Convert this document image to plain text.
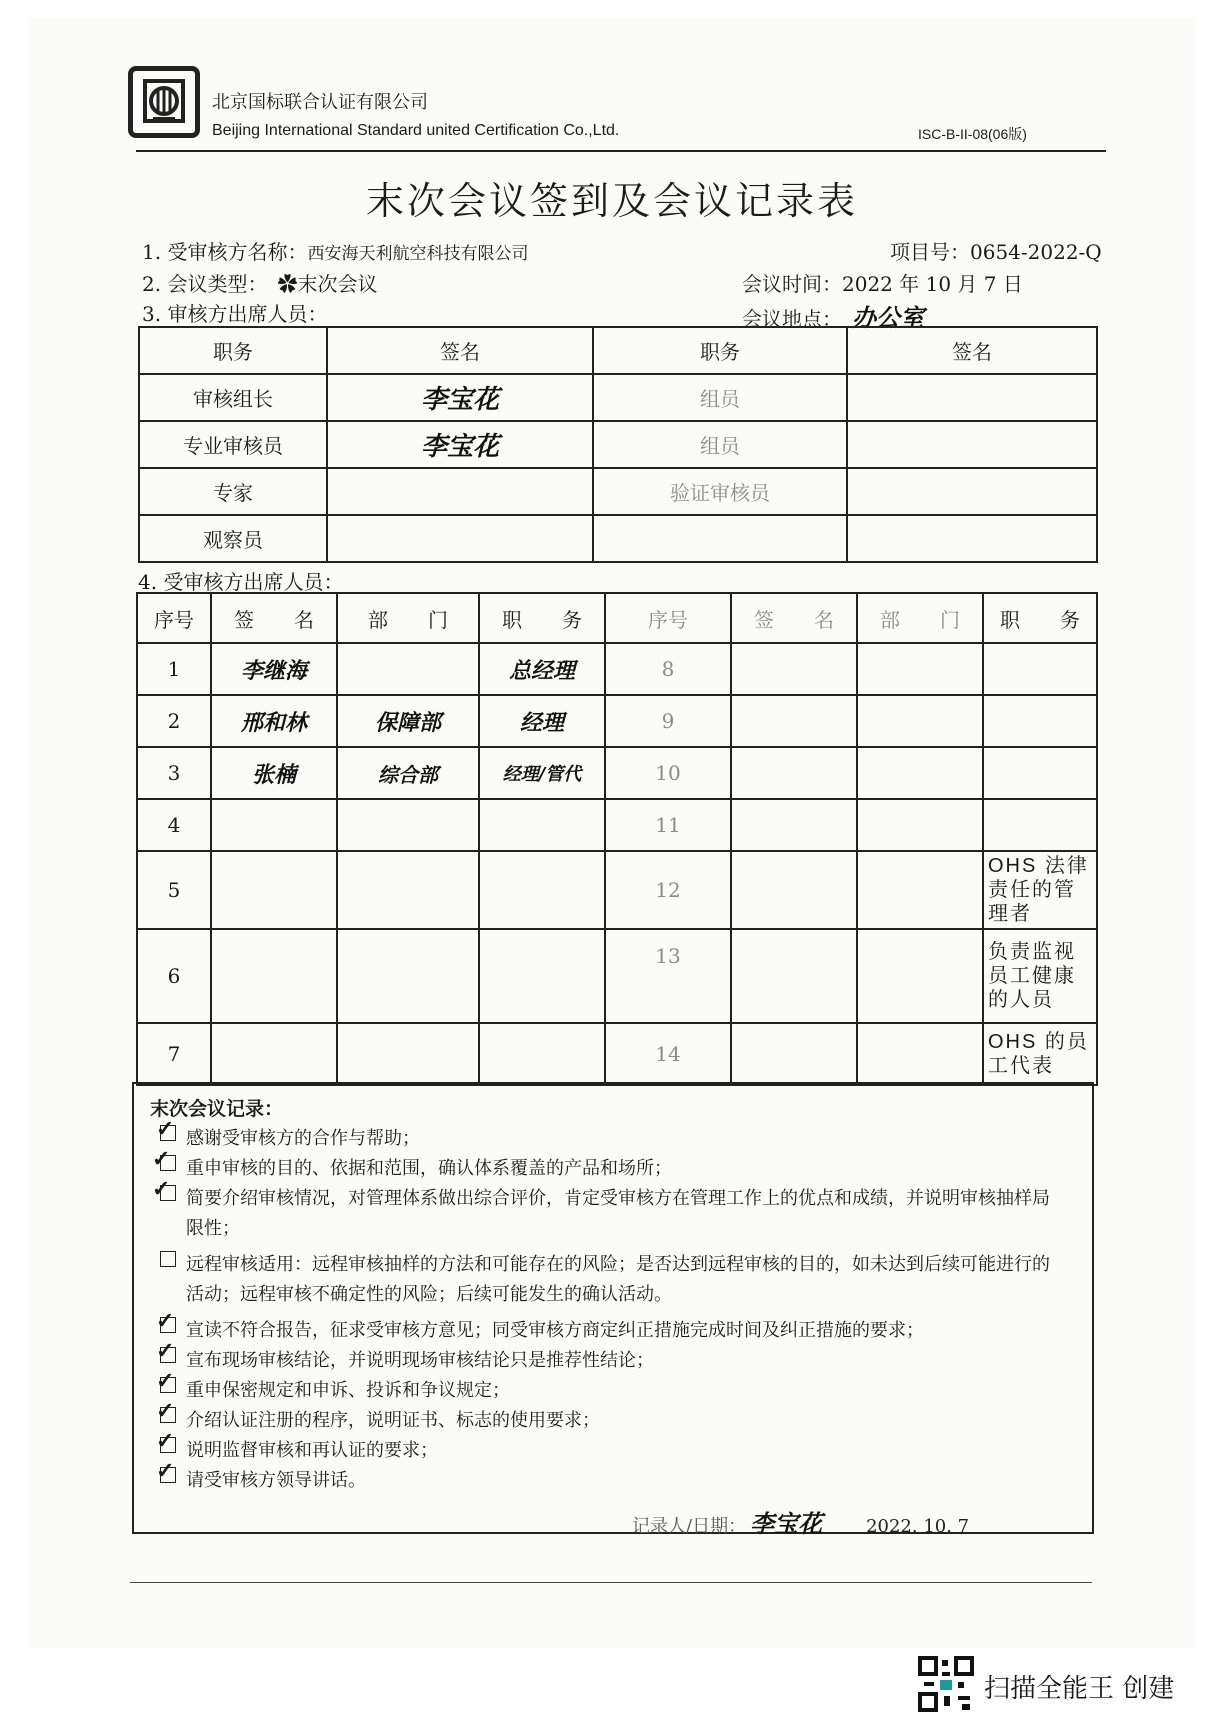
北京国标联合认证有限公司
Beijing International Standard united Certification Co.,Ltd.	ISC-B-II-08(06版)
末次会议签到及会议记录表
1. 受审核方名称：西安海天利航空科技有限公司	项目号：0654-2022-Q
2. 会议类型： ✿末次会议	会议时间：2022 年 10 月 7 日
3. 审核方出席人员：	会议地点： 办公室
职务	签名	职务	签名
审核组长	李宝花	组员	
专业审核员	李宝花	组员	
专家		验证审核员	
观察员			
4. 受审核方出席人员：
序号	签　　名	部　　门	职　　务	序号	签　　名	部　　门	职　　务
1	李继海		总经理	8			
2	邢和林	保障部	经理	9			
3	张楠	综合部	经理/管代	10			
4				11			
5				12			OHS 法律责任的管理者
6				13			负责监视员工健康的人员
7				14			OHS 的员工代表
末次会议记录：
感谢受审核方的合作与帮助；
重申审核的目的、依据和范围，确认体系覆盖的产品和场所；
简要介绍审核情况，对管理体系做出综合评价，肯定受审核方在管理工作上的优点和成绩，并说明审核抽样局限性；
远程审核适用：远程审核抽样的方法和可能存在的风险；是否达到远程审核的目的，如未达到后续可能进行的活动；远程审核不确定性的风险；后续可能发生的确认活动。
宣读不符合报告，征求受审核方意见；同受审核方商定纠正措施完成时间及纠正措施的要求；
宣布现场审核结论，并说明现场审核结论只是推荐性结论；
重申保密规定和申诉、投诉和争议规定；
介绍认证注册的程序，说明证书、标志的使用要求；
说明监督审核和再认证的要求；
请受审核方领导讲话。
✓
✓
✓
✓
✓
✓
✓
✓
✓
记录人/日期： 李宝花 2022. 10. 7
扫描全能王 创建
